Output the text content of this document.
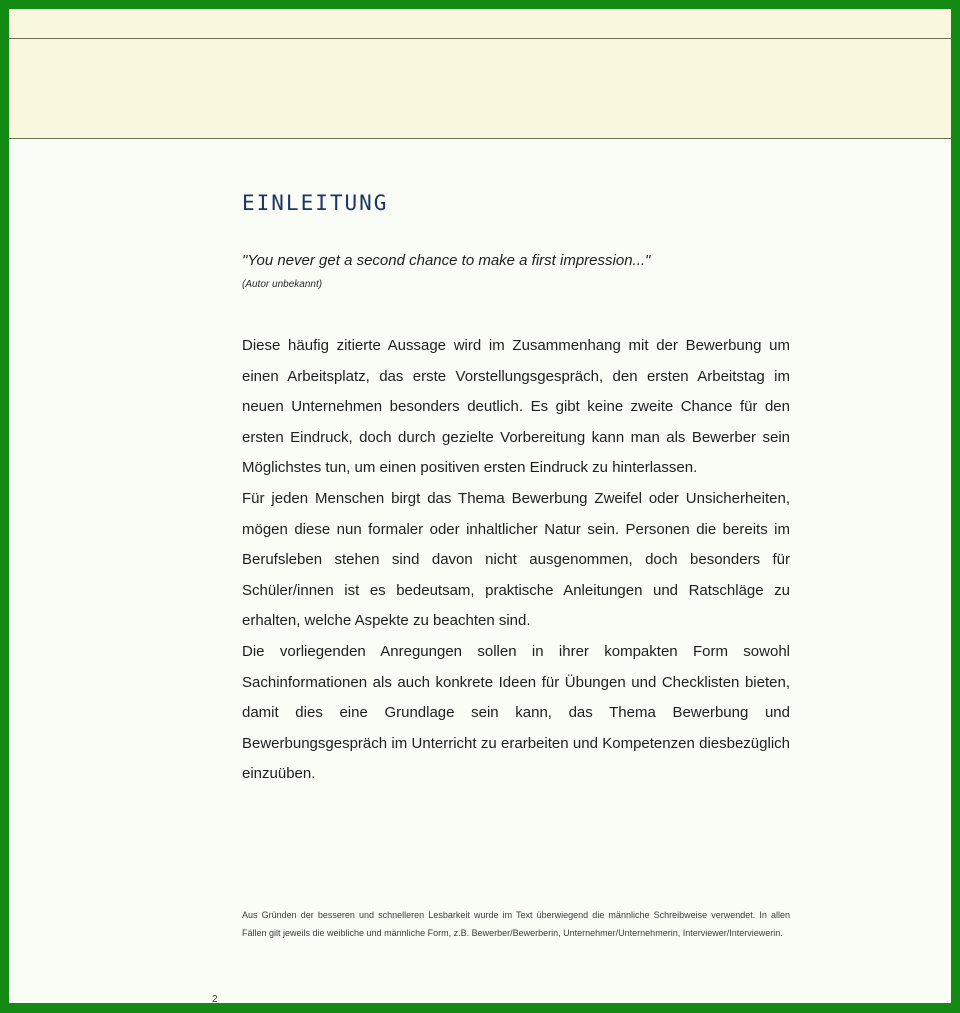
EINLEITUNG

"You never get a second chance to make a first impression..."

(Autor unbekannt)

Diese häufig zitierte Aussage wird im Zusammenhang mit der Bewerbung um einen Arbeitsplatz, das erste Vorstellungsgespräch, den ersten Arbeitstag im neuen Unternehmen besonders deutlich. Es gibt keine zweite Chance für den ersten Eindruck, doch durch gezielte Vorbereitung kann man als Bewerber sein Möglichstes tun, um einen positiven ersten Eindruck zu hinterlassen.

Für jeden Menschen birgt das Thema Bewerbung Zweifel oder Unsicherheiten, mögen diese nun formaler oder inhaltlicher Natur sein. Personen die bereits im Berufsleben stehen sind davon nicht ausgenommen, doch besonders für Schüler/innen ist es bedeutsam, praktische Anleitungen und Ratschläge zu erhalten, welche Aspekte zu beachten sind.

Die vorliegenden Anregungen sollen in ihrer kompakten Form sowohl Sachinformationen als auch konkrete Ideen für Übungen und Checklisten bieten, damit dies eine Grundlage sein kann, das Thema Bewerbung und Bewerbungsgespräch im Unterricht zu erarbeiten und Kompetenzen diesbezüglich einzuüben.

Aus Gründen der besseren und schnelleren Lesbarkeit wurde im Text überwiegend die männliche Schreibweise verwendet. In allen Fällen gilt jeweils die weibliche und männliche Form, z.B. Bewerber/Bewerberin, Unternehmer/Unternehmerin, Interviewer/Interviewerin.

2
